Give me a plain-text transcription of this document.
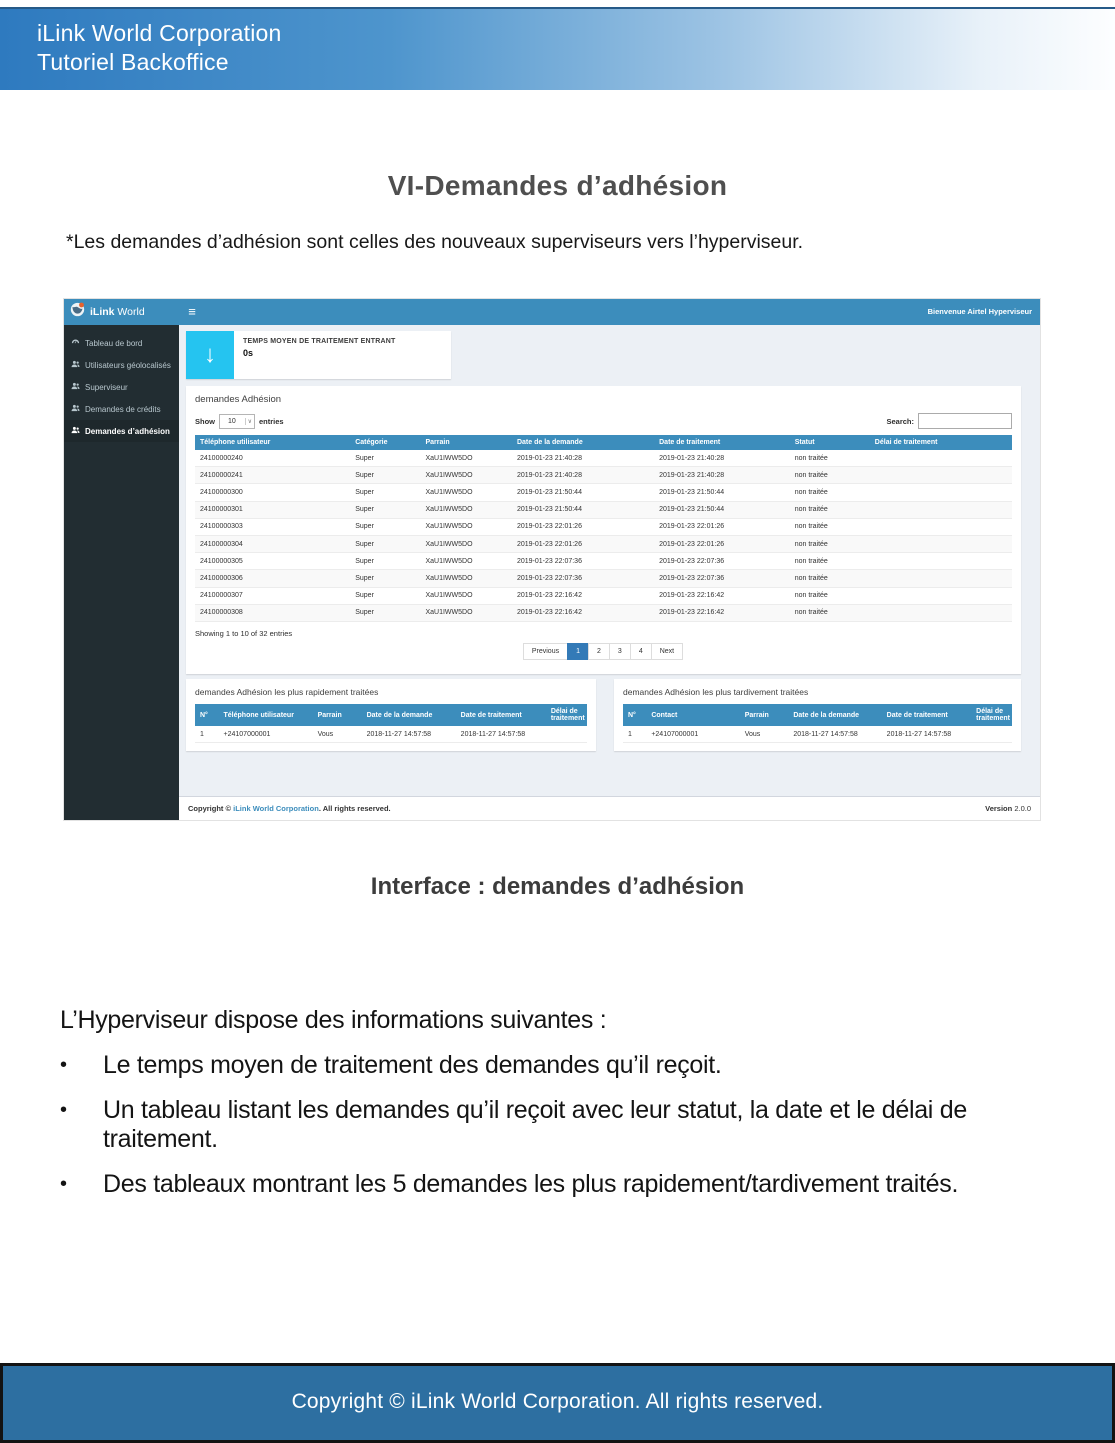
iLink World Corporation
Tutoriel Backoffice
VI-Demandes d’adhésion
*Les demandes d’adhésion sont celles des nouveaux superviseurs vers l’hyperviseur.
iLink World
Tableau de bord
Utilisateurs géolocalisés
Superviseur
Demandes de crédits
Demandes d’adhésion
≡	Bienvenue Airtel Hyperviseur
↓	TEMPS MOYEN DE TRAITEMENT ENTRANT
0s
demandes Adhésion
Show 10	∨ entries	Search:
Téléphone utilisateur	Catégorie	Parrain	Date de la demande	Date de traitement	Statut	Délai de traitement
24100000240	Super	XaU1IWW5DO	2019-01-23 21:40:28	2019-01-23 21:40:28	non traitée	
24100000241	Super	XaU1IWW5DO	2019-01-23 21:40:28	2019-01-23 21:40:28	non traitée	
24100000300	Super	XaU1IWW5DO	2019-01-23 21:50:44	2019-01-23 21:50:44	non traitée	
24100000301	Super	XaU1IWW5DO	2019-01-23 21:50:44	2019-01-23 21:50:44	non traitée	
24100000303	Super	XaU1IWW5DO	2019-01-23 22:01:26	2019-01-23 22:01:26	non traitée	
24100000304	Super	XaU1IWW5DO	2019-01-23 22:01:26	2019-01-23 22:01:26	non traitée	
24100000305	Super	XaU1IWW5DO	2019-01-23 22:07:36	2019-01-23 22:07:36	non traitée	
24100000306	Super	XaU1IWW5DO	2019-01-23 22:07:36	2019-01-23 22:07:36	non traitée	
24100000307	Super	XaU1IWW5DO	2019-01-23 22:16:42	2019-01-23 22:16:42	non traitée	
24100000308	Super	XaU1IWW5DO	2019-01-23 22:16:42	2019-01-23 22:16:42	non traitée	
Showing 1 to 10 of 32 entries
Previous	1	2	3	4	Next
demandes Adhésion les plus rapidement traitées
N°	Téléphone utilisateur	Parrain	Date de la demande	Date de traitement	Délai de traitement
1	+24107000001	Vous	2018-11-27 14:57:58	2018-11-27 14:57:58	
demandes Adhésion les plus tardivement traitées
N°	Contact	Parrain	Date de la demande	Date de traitement	Délai de traitement
1	+24107000001	Vous	2018-11-27 14:57:58	2018-11-27 14:57:58	
Copyright © iLink World Corporation. All rights reserved.	Version 2.0.0
Interface : demandes d’adhésion
L’Hyperviseur dispose des informations suivantes :
•	Le temps moyen de traitement des demandes qu’il reçoit.
•	Un tableau listant les demandes qu’il reçoit avec leur statut, la date et le délai de traitement.
•	Des tableaux montrant les 5 demandes les plus rapidement/tardivement traités.
Copyright © iLink World Corporation. All rights reserved.
